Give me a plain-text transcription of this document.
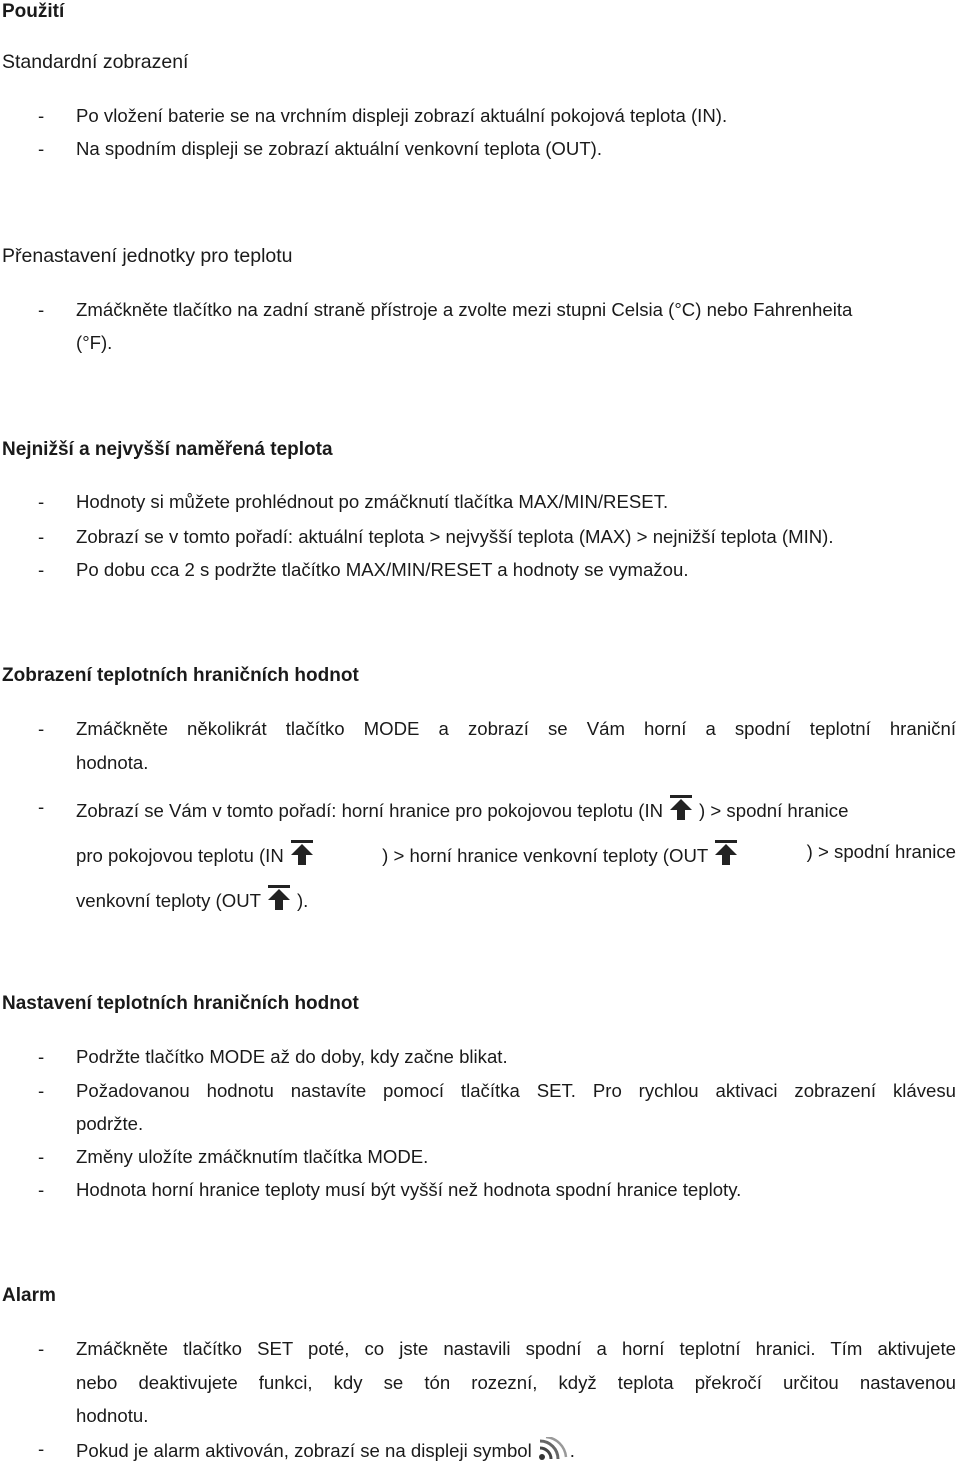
Použití
Standardní zobrazení
- Po vložení baterie se na vrchním displeji zobrazí aktuální pokojová teplota (IN).
- Na spodním displeji se zobrazí aktuální venkovní teplota (OUT).
Přenastavení jednotky pro teplotu
- Zmáčkněte tlačítko na zadní straně přístroje a zvolte mezi stupni Celsia (°C) nebo Fahrenheita
(°F).
Nejnižší a nejvyšší naměřená teplota
- Hodnoty si můžete prohlédnout po zmáčknutí tlačítka MAX/MIN/RESET.
- Zobrazí se v tomto pořadí: aktuální teplota > nejvyšší teplota (MAX) > nejnižší teplota (MIN).
- Po dobu cca 2 s podržte tlačítko MAX/MIN/RESET a hodnoty se vymažou.
Zobrazení teplotních hraničních hodnot
- Zmáčkněte několikrát tlačítko MODE a zobrazí se Vám horní a spodní teplotní hraniční
hodnota.
- Zobrazí se Vám v tomto pořadí: horní hranice pro pokojovou teplotu (IN ) > spodní hranice
pro pokojovou teplotu (IN	) > horní hranice venkovní teploty (OUT	) > spodní hranice
venkovní teploty (OUT ).
Nastavení teplotních hraničních hodnot
- Podržte tlačítko MODE až do doby, kdy začne blikat.
- Požadovanou hodnotu nastavíte pomocí tlačítka SET. Pro rychlou aktivaci zobrazení klávesu
podržte.
- Změny uložíte zmáčknutím tlačítka MODE.
- Hodnota horní hranice teploty musí být vyšší než hodnota spodní hranice teploty.
Alarm
- Zmáčkněte tlačítko SET poté, co jste nastavili spodní a horní teplotní hranici. Tím aktivujete
nebo deaktivujete funkci, kdy se tón rozezní, když teplota překročí určitou nastavenou
hodnotu.
- Pokud je alarm aktivován, zobrazí se na displeji symbol .
